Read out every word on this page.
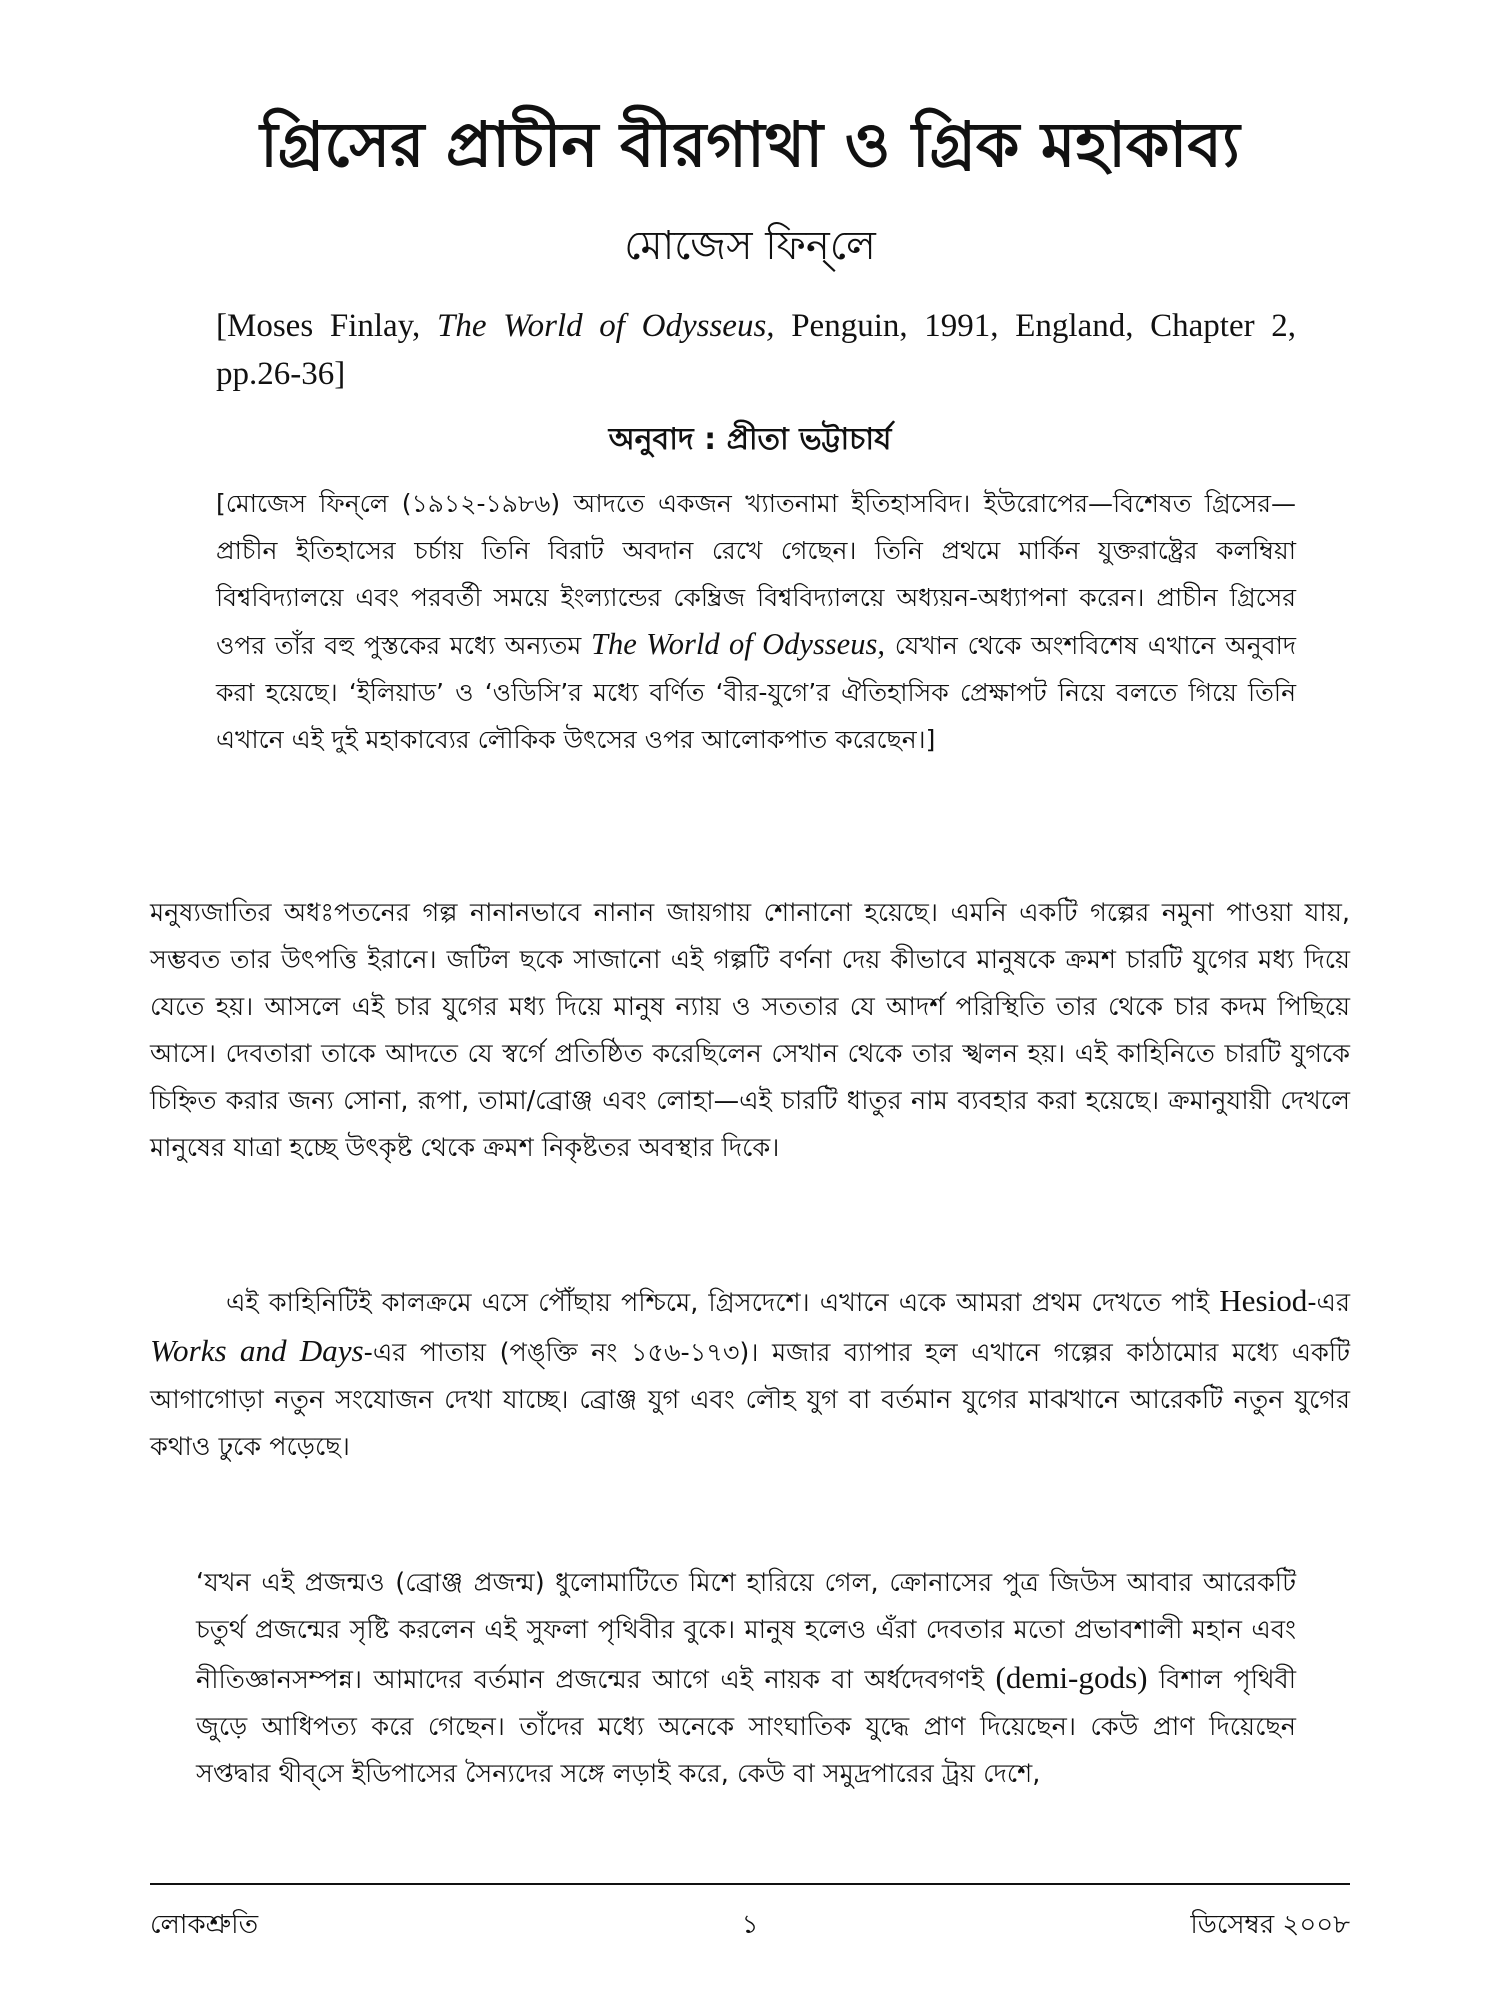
গ্রিসের প্রাচীন বীরগাথা ও গ্রিক মহাকাব্য
মোজেস ফিন্‌লে
[Moses Finlay, The World of Odysseus, Penguin, 1991, England, Chapter 2, pp.26-36]
অনুবাদ : প্রীতা ভট্টাচার্য
[মোজেস ফিন্‌লে (১৯১২-১৯৮৬) আদতে একজন খ্যাতনামা ইতিহাসবিদ। ইউরোপের—বিশেষত গ্রিসের—প্রাচীন ইতিহাসের চর্চায় তিনি বিরাট অবদান রেখে গেছেন। তিনি প্রথমে মার্কিন যুক্তরাষ্ট্রের কলম্বিয়া বিশ্ববিদ্যালয়ে এবং পরবর্তী সময়ে ইংল্যান্ডের কেম্ব্রিজ বিশ্ববিদ্যালয়ে অধ্যয়ন-অধ্যাপনা করেন। প্রাচীন গ্রিসের ওপর তাঁর বহু পুস্তকের মধ্যে অন্যতম The World of Odysseus, যেখান থেকে অংশবিশেষ এখানে অনুবাদ করা হয়েছে। ‘ইলিয়াড’ ও ‘ওডিসি’র মধ্যে বর্ণিত ‘বীর-যুগে’র ঐতিহাসিক প্রেক্ষাপট নিয়ে বলতে গিয়ে তিনি এখানে এই দুই মহাকাব্যের লৌকিক উৎসের ওপর আলোকপাত করেছেন।]
মনুষ্যজাতির অধঃপতনের গল্প নানানভাবে নানান জায়গায় শোনানো হয়েছে। এমনি একটি গল্পের নমুনা পাওয়া যায়, সম্ভবত তার উৎপত্তি ইরানে। জটিল ছকে সাজানো এই গল্পটি বর্ণনা দেয় কীভাবে মানুষকে ক্রমশ চারটি যুগের মধ্য দিয়ে যেতে হয়। আসলে এই চার যুগের মধ্য দিয়ে মানুষ ন্যায় ও সততার যে আদর্শ পরিস্থিতি তার থেকে চার কদম পিছিয়ে আসে। দেবতারা তাকে আদতে যে স্বর্গে প্রতিষ্ঠিত করেছিলেন সেখান থেকে তার স্খলন হয়। এই কাহিনিতে চারটি যুগকে চিহ্নিত করার জন্য সোনা, রূপা, তামা/ব্রোঞ্জ এবং লোহা—এই চারটি ধাতুর নাম ব্যবহার করা হয়েছে। ক্রমানুযায়ী দেখলে মানুষের যাত্রা হচ্ছে উৎকৃষ্ট থেকে ক্রমশ নিকৃষ্টতর অবস্থার দিকে।
এই কাহিনিটিই কালক্রমে এসে পৌঁছায় পশ্চিমে, গ্রিসদেশে। এখানে একে আমরা প্রথম দেখতে পাই Hesiod-এর Works and Days-এর পাতায় (পঙ্‌ক্তি নং ১৫৬-১৭৩)। মজার ব্যাপার হল এখানে গল্পের কাঠামোর মধ্যে একটি আগাগোড়া নতুন সংযোজন দেখা যাচ্ছে। ব্রোঞ্জ যুগ এবং লৌহ যুগ বা বর্তমান যুগের মাঝখানে আরেকটি নতুন যুগের কথাও ঢুকে পড়েছে।
‘যখন এই প্রজন্মও (ব্রোঞ্জ প্রজন্ম) ধুলোমাটিতে মিশে হারিয়ে গেল, ক্রোনাসের পুত্র জিউস আবার আরেকটি চতুর্থ প্রজন্মের সৃষ্টি করলেন এই সুফলা পৃথিবীর বুকে। মানুষ হলেও এঁরা দেবতার মতো প্রভাবশালী মহান এবং নীতিজ্ঞানসম্পন্ন। আমাদের বর্তমান প্রজন্মের আগে এই নায়ক বা অর্ধদেবগণই (demi-gods) বিশাল পৃথিবী জুড়ে আধিপত্য করে গেছেন। তাঁদের মধ্যে অনেকে সাংঘাতিক যুদ্ধে প্রাণ দিয়েছেন। কেউ প্রাণ দিয়েছেন সপ্তদ্বার থীব্‌সে ইডিপাসের সৈন্যদের সঙ্গে লড়াই করে, কেউ বা সমুদ্রপারের ট্রয় দেশে,
লোকশ্রুতি	১	ডিসেম্বর ২০০৮
